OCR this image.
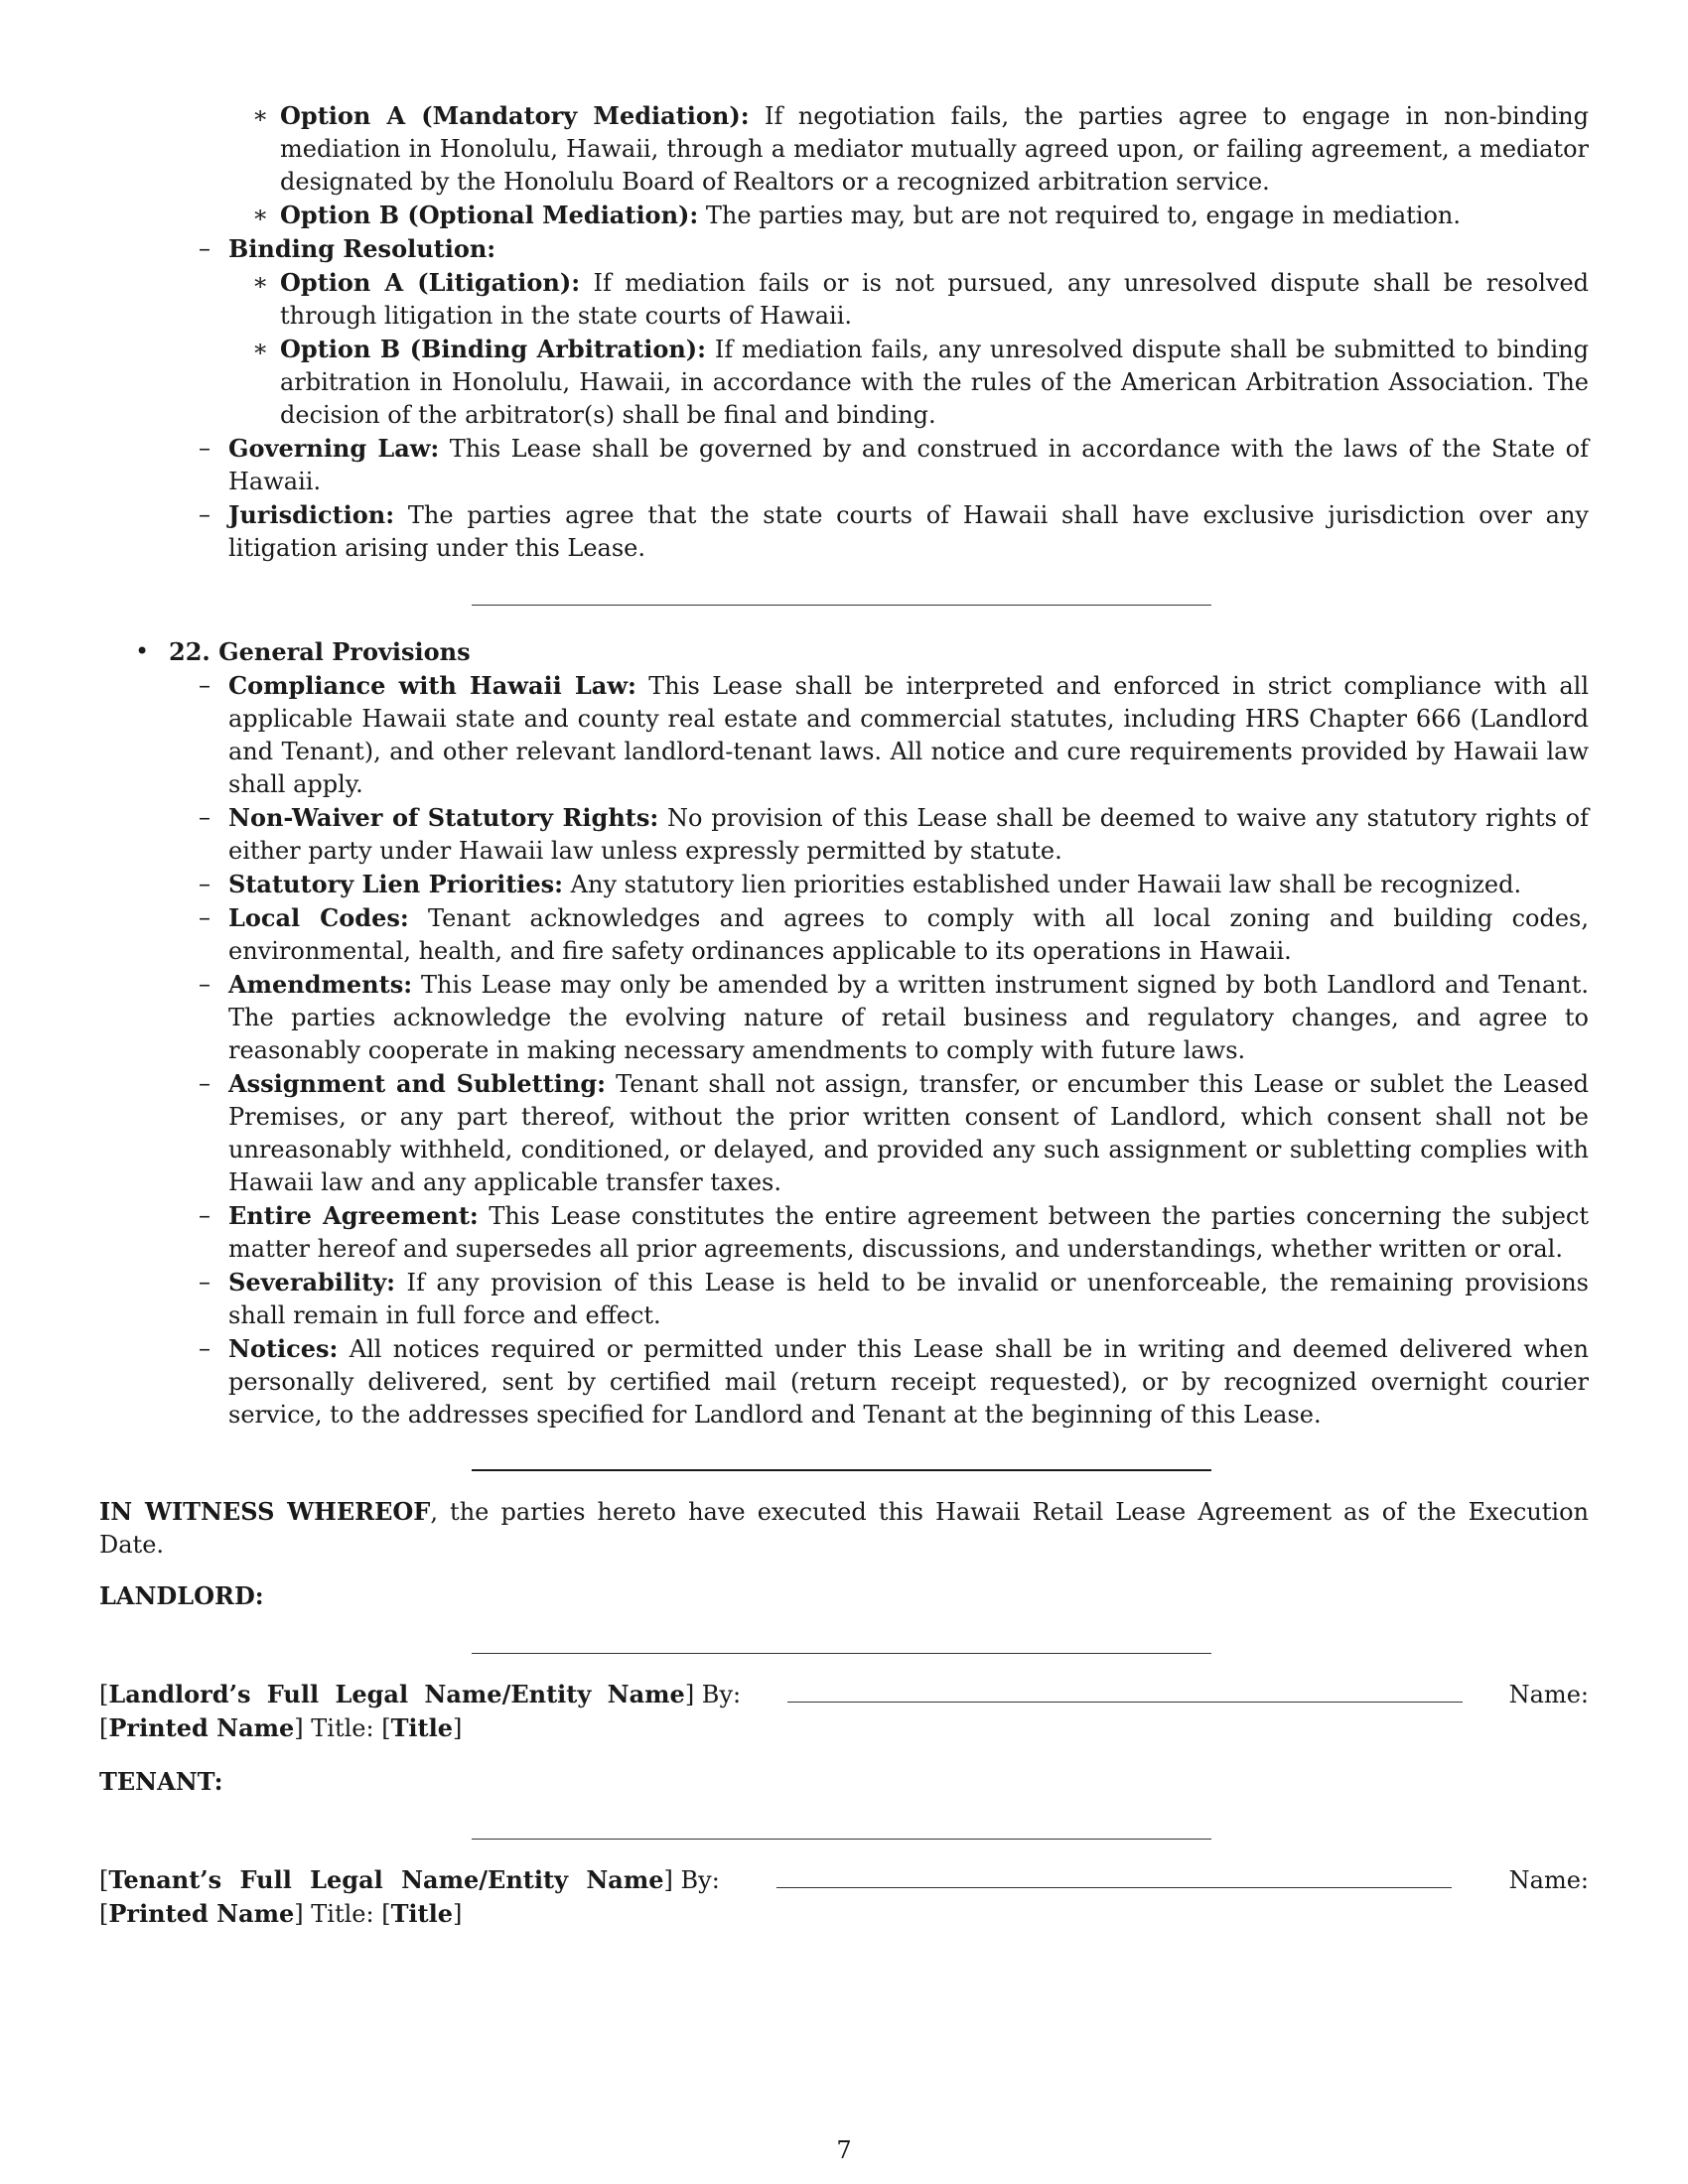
∗ Option A (Mandatory Mediation): If negotiation fails, the parties agree to engage in non-binding mediation in Honolulu, Hawaii, through a mediator mutually agreed upon, or failing agreement, a mediator designated by the Honolulu Board of Realtors or a recognized arbitration service.
∗ Option B (Optional Mediation): The parties may, but are not required to, engage in mediation.
– Binding Resolution:
∗ Option A (Litigation): If mediation fails or is not pursued, any unresolved dispute shall be resolved through litigation in the state courts of Hawaii.
∗ Option B (Binding Arbitration): If mediation fails, any unresolved dispute shall be submitted to binding arbitration in Honolulu, Hawaii, in accordance with the rules of the American Arbitration Association. The decision of the arbitrator(s) shall be final and binding.
– Governing Law: This Lease shall be governed by and construed in accordance with the laws of the State of Hawaii.
– Jurisdiction: The parties agree that the state courts of Hawaii shall have exclusive jurisdiction over any litigation arising under this Lease.
• 22. General Provisions
– Compliance with Hawaii Law: This Lease shall be interpreted and enforced in strict compliance with all applicable Hawaii state and county real estate and commercial statutes, including HRS Chapter 666 (Landlord and Tenant), and other relevant landlord-tenant laws. All notice and cure requirements provided by Hawaii law shall apply.
– Non-Waiver of Statutory Rights: No provision of this Lease shall be deemed to waive any statutory rights of either party under Hawaii law unless expressly permitted by statute.
– Statutory Lien Priorities: Any statutory lien priorities established under Hawaii law shall be recognized.
– Local Codes: Tenant acknowledges and agrees to comply with all local zoning and building codes, environmental, health, and fire safety ordinances applicable to its operations in Hawaii.
– Amendments: This Lease may only be amended by a written instrument signed by both Landlord and Tenant. The parties acknowledge the evolving nature of retail business and regulatory changes, and agree to reasonably cooperate in making necessary amendments to comply with future laws.
– Assignment and Subletting: Tenant shall not assign, transfer, or encumber this Lease or sublet the Leased Premises, or any part thereof, without the prior written consent of Landlord, which consent shall not be unreasonably withheld, conditioned, or delayed, and provided any such assignment or subletting complies with Hawaii law and any applicable transfer taxes.
– Entire Agreement: This Lease constitutes the entire agreement between the parties concerning the subject matter hereof and supersedes all prior agreements, discussions, and understandings, whether written or oral.
– Severability: If any provision of this Lease is held to be invalid or unenforceable, the remaining provisions shall remain in full force and effect.
– Notices: All notices required or permitted under this Lease shall be in writing and deemed delivered when personally delivered, sent by certified mail (return receipt requested), or by recognized overnight courier service, to the addresses specified for Landlord and Tenant at the beginning of this Lease.

IN WITNESS WHEREOF, the parties hereto have executed this Hawaii Retail Lease Agreement as of the Execution Date.

LANDLORD:

[Landlord’s Full Legal Name/Entity Name] By:	Name:

[Printed Name] Title: [Title]

TENANT:

[Tenant’s Full Legal Name/Entity Name] By:	Name:

[Printed Name] Title: [Title]

7
